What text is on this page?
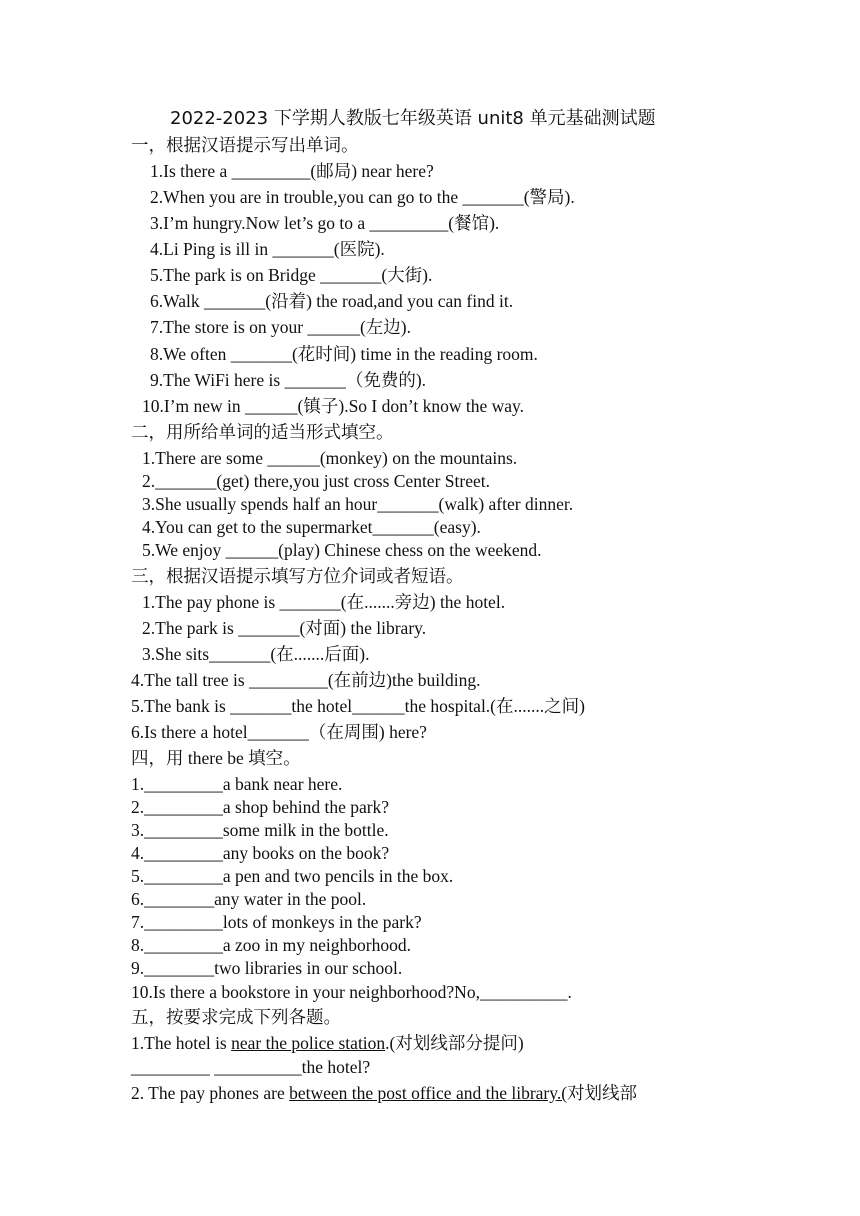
2022-2023 下学期人教版七年级英语 unit8 单元基础测试题
一，根据汉语提示写出单词。
1.Is there a _________(邮局) near here?
2.When you are in trouble,you can go to the _______(警局).
3.I’m hungry.Now let’s go to a _________(餐馆).
4.Li Ping is ill in _______(医院).
5.The park is on Bridge _______(大街).
6.Walk _______(沿着) the road,and you can find it.
7.The store is on your ______(左边).
8.We often _______(花时间) time in the reading room.
9.The WiFi here is _______（免费的).
10.I’m new in ______(镇子).So I don’t know the way.
二，用所给单词的适当形式填空。
1.There are some ______(monkey) on the mountains.
2._______(get) there,you just cross Center Street.
3.She usually spends half an hour_______(walk) after dinner.
4.You can get to the supermarket_______(easy).
5.We enjoy ______(play) Chinese chess on the weekend.
三，根据汉语提示填写方位介词或者短语。
1.The pay phone is _______(在.......旁边) the hotel.
2.The park is _______(对面) the library.
3.She sits_______(在.......后面).
4.The tall tree is _________(在前边)the building.
5.The bank is _______the hotel______the hospital.(在.......之间)
6.Is there a hotel_______（在周围) here?
四，用 there be 填空。
1._________a bank near here.
2._________a shop behind the park?
3._________some milk in the bottle.
4._________any books on the book?
5._________a pen and two pencils in the box.
6.________any water in the pool.
7._________lots of monkeys in the park?
8._________a zoo in my neighborhood.
9.________two libraries in our school.
10.Is there a bookstore in your neighborhood?No,__________.
五，按要求完成下列各题。
1.The hotel is near the police station.(对划线部分提问)
_________ __________the hotel?
2. The pay phones are between the post office and the library.(对划线部
